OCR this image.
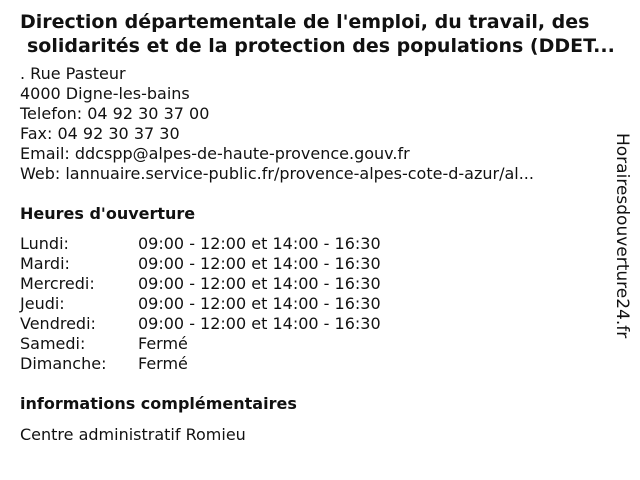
Direction départementale de l'emploi, du travail, des
solidarités et de la protection des populations (DDET...
. Rue Pasteur
4000 Digne-les-bains
Telefon: 04 92 30 37 00
Fax: 04 92 30 37 30
Email: ddcspp@alpes-de-haute-provence.gouv.fr
Web: lannuaire.service-public.fr/provence-alpes-cote-d-azur/al...
Heures d'ouverture
Lundi:	09:00 - 12:00 et 14:00 - 16:30
Mardi:	09:00 - 12:00 et 14:00 - 16:30
Mercredi:	09:00 - 12:00 et 14:00 - 16:30
Jeudi:	09:00 - 12:00 et 14:00 - 16:30
Vendredi:	09:00 - 12:00 et 14:00 - 16:30
Samedi:	Fermé
Dimanche:	Fermé
informations complémentaires
Centre administratif Romieu
Horairesdouverture24.fr
